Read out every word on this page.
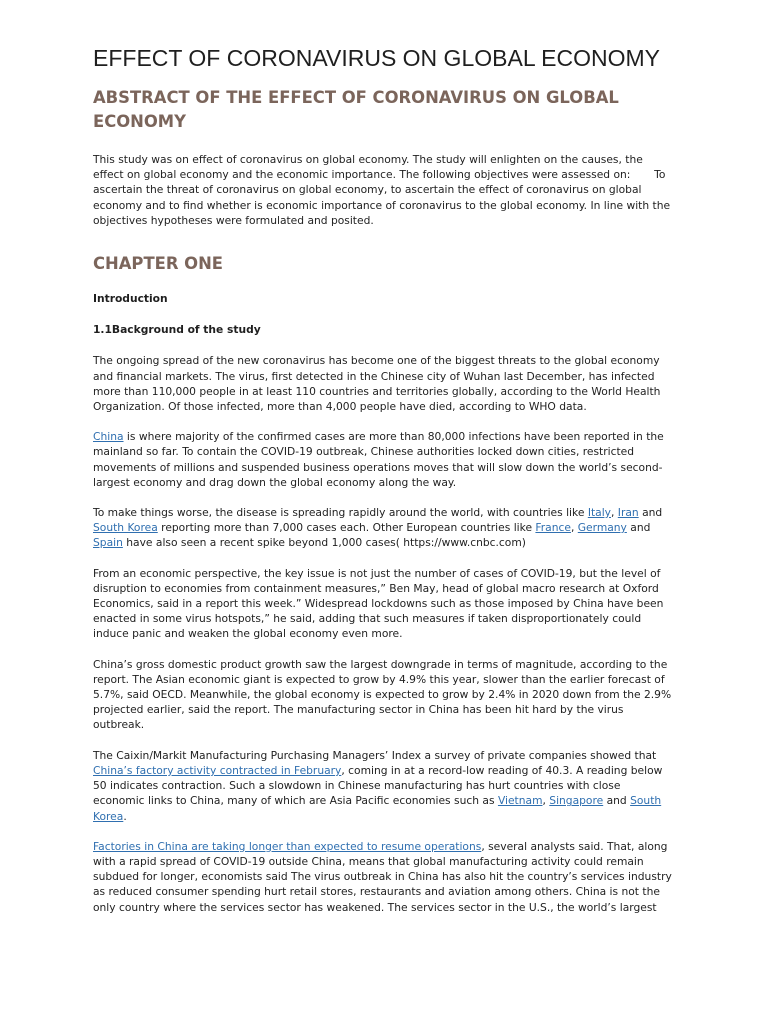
EFFECT OF CORONAVIRUS ON GLOBAL ECONOMY
ABSTRACT OF THE EFFECT OF CORONAVIRUS ON GLOBAL ECONOMY

This study was on effect of coronavirus on global economy. The study will enlighten on the causes, the effect on global economy and the economic importance. The following objectives were assessed on:       To ascertain the threat of coronavirus on global economy, to ascertain the effect of coronavirus on global economy and to find whether is economic importance of coronavirus to the global economy. In line with the objectives hypotheses were formulated and posited.

CHAPTER ONE

Introduction

1.1Background of the study

The ongoing spread of the new coronavirus has become one of the biggest threats to the global economy and financial markets. The virus, first detected in the Chinese city of Wuhan last December, has infected more than 110,000 people in at least 110 countries and territories globally, according to the World Health Organization. Of those infected, more than 4,000 people have died, according to WHO data.

China is where majority of the confirmed cases are more than 80,000 infections have been reported in the mainland so far. To contain the COVID-19 outbreak, Chinese authorities locked down cities, restricted movements of millions and suspended business operations moves that will slow down the world’s second-largest economy and drag down the global economy along the way.

To make things worse, the disease is spreading rapidly around the world, with countries like Italy, Iran and South Korea reporting more than 7,000 cases each. Other European countries like France, Germany and Spain have also seen a recent spike beyond 1,000 cases( https://www.cnbc.com)

From an economic perspective, the key issue is not just the number of cases of COVID-19, but the level of disruption to economies from containment measures,” Ben May, head of global macro research at Oxford Economics, said in a report this week.” Widespread lockdowns such as those imposed by China have been enacted in some virus hotspots,” he said, adding that such measures if taken disproportionately could induce panic and weaken the global economy even more.

China’s gross domestic product growth saw the largest downgrade in terms of magnitude, according to the report. The Asian economic giant is expected to grow by 4.9% this year, slower than the earlier forecast of 5.7%, said OECD. Meanwhile, the global economy is expected to grow by 2.4% in 2020 down from the 2.9% projected earlier, said the report. The manufacturing sector in China has been hit hard by the virus outbreak.

The Caixin/Markit Manufacturing Purchasing Managers’ Index a survey of private companies showed that China’s factory activity contracted in February, coming in at a record-low reading of 40.3. A reading below 50 indicates contraction. Such a slowdown in Chinese manufacturing has hurt countries with close economic links to China, many of which are Asia Pacific economies such as Vietnam, Singapore and South Korea.

Factories in China are taking longer than expected to resume operations, several analysts said. That, along with a rapid spread of COVID-19 outside China, means that global manufacturing activity could remain subdued for longer, economists said The virus outbreak in China has also hit the country’s services industry as reduced consumer spending hurt retail stores, restaurants and aviation among others. China is not the only country where the services sector has weakened. The services sector in the U.S., the world’s largest
